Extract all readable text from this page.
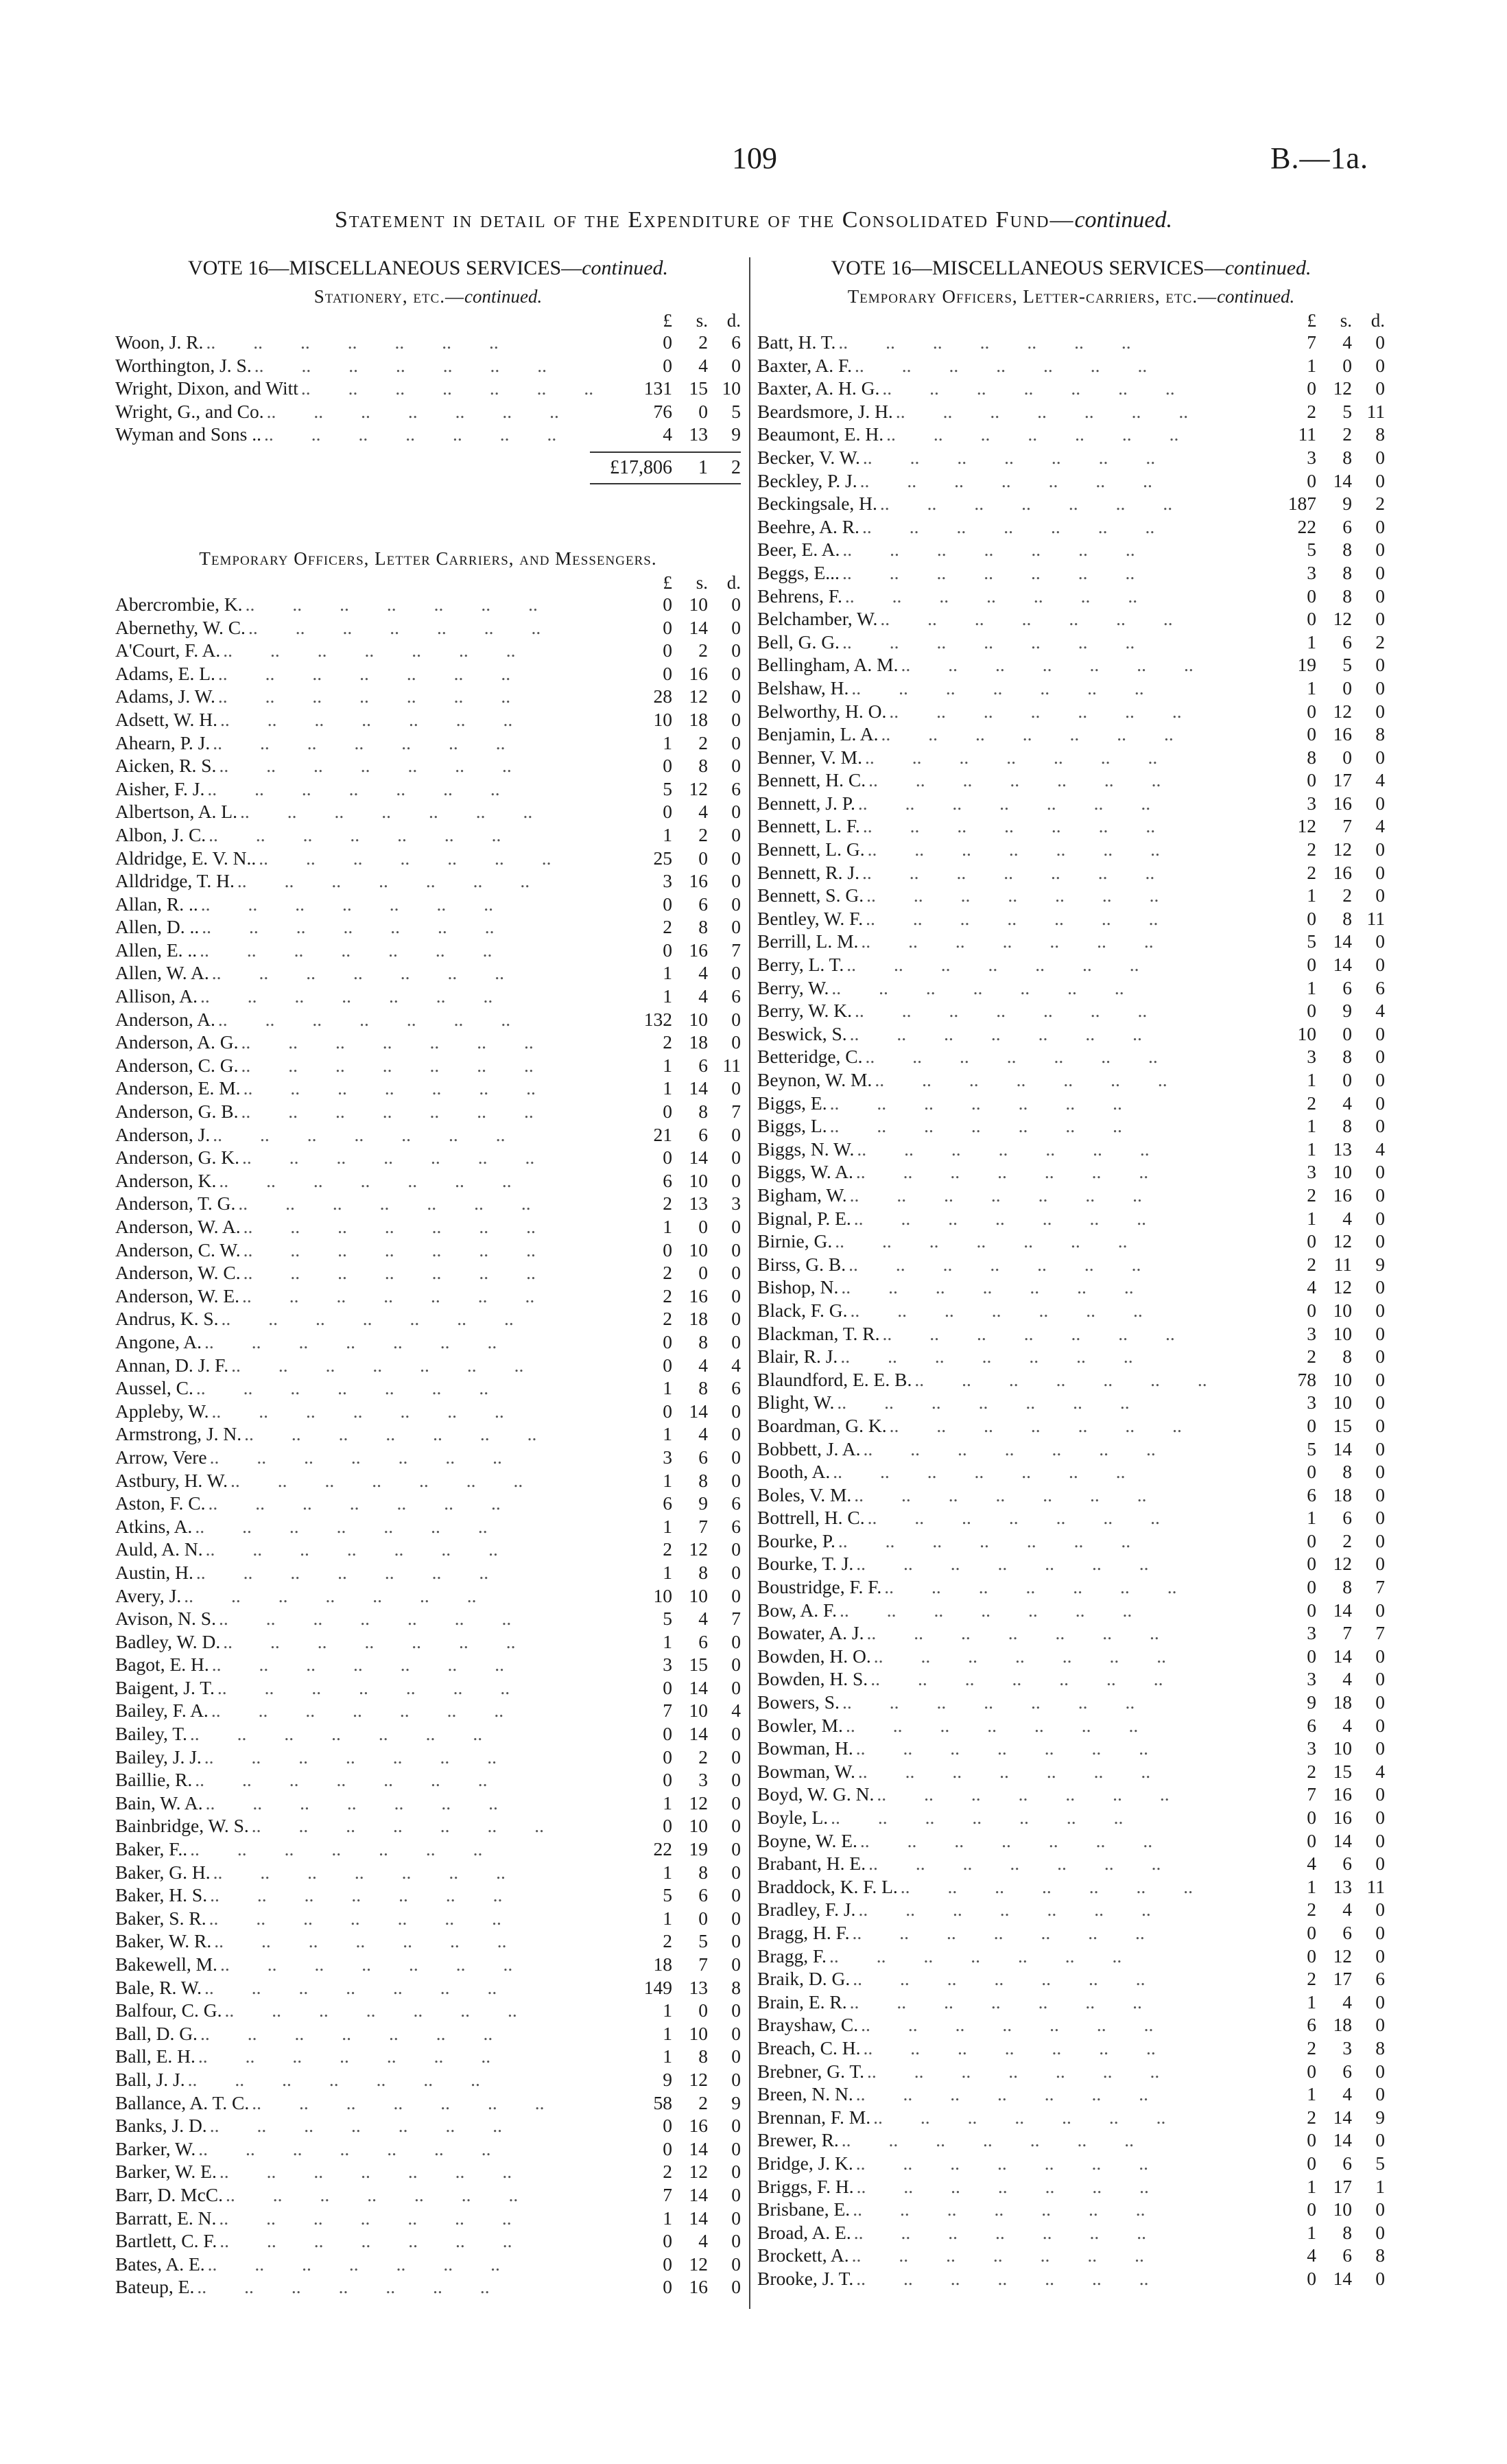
109	B.—1a.
Statement in detail of the Expenditure of the Consolidated Fund—continued.
VOTE 16—MISCELLANEOUS SERVICES—continued.
Stationery, etc.—continued.
£	s.	d.
Woon, J. R. ..	0	2	6
Worthington, J. S. ..	0	4	0
Wright, Dixon, and Witt ..	131 15 10
Wright, G., and Co. ..	76	0	5
Wyman and Sons .. ..	4 13	9
£17,806	1	2
Temporary Officers, Letter Carriers, and Messengers.
£	s.	d.
Abercrombie, K. ..	0 10	0
Abernethy, W. C. ..	0 14	0
A'Court, F. A. ..	0	2	0
Adams, E. L. ..	0 16	0
Adams, J. W. ..	28 12	0
Adsett, W. H. ..	10 18	0
Ahearn, P. J. ..	1	2	0
Aicken, R. S. ..	0	8	0
Aisher, F. J. ..	5 12	6
Albertson, A. L. ..	0	4	0
Albon, J. C. ..	1	2	0
Aldridge, E. V. N.. ..	25	0	0
Alldridge, T. H. ..	3 16	0
Allan, R. .. ..	0	6	0
Allen, D. .. ..	2	8	0
Allen, E. .. ..	0 16	7
Allen, W. A. ..	1	4	0
Allison, A. ..	1	4	6
Anderson, A. ..	132 10	0
Anderson, A. G. ..	2 18	0
Anderson, C. G. ..	1	6 11
Anderson, E. M. ..	1 14	0
Anderson, G. B. ..	0	8	7
Anderson, J. ..	21	6	0
Anderson, G. K. ..	0 14	0
Anderson, K. ..	6 10	0
Anderson, T. G. ..	2 13	3
Anderson, W. A. ..	1	0	0
Anderson, C. W. ..	0 10	0
Anderson, W. C. ..	2	0	0
Anderson, W. E. ..	2 16	0
Andrus, K. S. ..	2 18	0
Angone, A. ..	0	8	0
Annan, D. J. F. ..	0	4	4
Aussel, C. ..	1	8	6
Appleby, W. ..	0 14	0
Armstrong, J. N. ..	1	4	0
Arrow, Vere ..	3	6	0
Astbury, H. W. ..	1	8	0
Aston, F. C. ..	6	9	6
Atkins, A. ..	1	7	6
Auld, A. N. ..	2 12	0
Austin, H. ..	1	8	0
Avery, J. ..	10 10	0
Avison, N. S. ..	5	4	7
Badley, W. D. ..	1	6	0
Bagot, E. H. ..	3 15	0
Baigent, J. T. ..	0 14	0
Bailey, F. A. ..	7 10	4
Bailey, T. ..	0 14	0
Bailey, J. J. ..	0	2	0
Baillie, R. ..	0	3	0
Bain, W. A. ..	1 12	0
Bainbridge, W. S. ..	0 10	0
Baker, F.. ..	22 19	0
Baker, G. H. ..	1	8	0
Baker, H. S. ..	5	6	0
Baker, S. R. ..	1	0	0
Baker, W. R. ..	2	5	0
Bakewell, M. ..	18	7	0
Bale, R. W. ..	149 13	8
Balfour, C. G. ..	1	0	0
Ball, D. G. ..	1 10	0
Ball, E. H. ..	1	8	0
Ball, J. J. ..	9 12	0
Ballance, A. T. C. ..	58	2	9
Banks, J. D. ..	0 16	0
Barker, W. ..	0 14	0
Barker, W. E. ..	2 12	0
Barr, D. McC. ..	7 14	0
Barratt, E. N. ..	1 14	0
Bartlett, C. F. ..	0	4	0
Bates, A. E. ..	0 12	0
Bateup, E. ..	0 16	0
VOTE 16—MISCELLANEOUS SERVICES—continued.
Temporary Officers, Letter-carriers, etc.—continued.
£	s.	d.
Batt, H. T. ..	7	4	0
Baxter, A. F. ..	1	0	0
Baxter, A. H. G. ..	0 12	0
Beardsmore, J. H. ..	2	5 11
Beaumont, E. H. ..	11	2	8
Becker, V. W. ..	3	8	0
Beckley, P. J. ..	0 14	0
Beckingsale, H. ..	187	9	2
Beehre, A. R. ..	22	6	0
Beer, E. A. ..	5	8	0
Beggs, E... ..	3	8	0
Behrens, F. ..	0	8	0
Belchamber, W. ..	0 12	0
Bell, G. G. ..	1	6	2
Bellingham, A. M. ..	19	5	0
Belshaw, H. ..	1	0	0
Belworthy, H. O. ..	0 12	0
Benjamin, L. A. ..	0 16	8
Benner, V. M. ..	8	0	0
Bennett, H. C. ..	0 17	4
Bennett, J. P. ..	3 16	0
Bennett, L. F. ..	12	7	4
Bennett, L. G. ..	2 12	0
Bennett, R. J. ..	2 16	0
Bennett, S. G. ..	1	2	0
Bentley, W. F. ..	0	8 11
Berrill, L. M. ..	5 14	0
Berry, L. T. ..	0 14	0
Berry, W. ..	1	6	6
Berry, W. K. ..	0	9	4
Beswick, S. ..	10	0	0
Betteridge, C. ..	3	8	0
Beynon, W. M. ..	1	0	0
Biggs, E. ..	2	4	0
Biggs, L. ..	1	8	0
Biggs, N. W. ..	1 13	4
Biggs, W. A. ..	3 10	0
Bigham, W. ..	2 16	0
Bignal, P. E. ..	1	4	0
Birnie, G. ..	0 12	0
Birss, G. B. ..	2 11	9
Bishop, N. ..	4 12	0
Black, F. G. ..	0 10	0
Blackman, T. R. ..	3 10	0
Blair, R. J. ..	2	8	0
Blaundford, E. E. B. ..	78 10	0
Blight, W. ..	3 10	0
Boardman, G. K. ..	0 15	0
Bobbett, J. A. ..	5 14	0
Booth, A. ..	0	8	0
Boles, V. M. ..	6 18	0
Bottrell, H. C. ..	1	6	0
Bourke, P. ..	0	2	0
Bourke, T. J. ..	0 12	0
Boustridge, F. F. ..	0	8	7
Bow, A. F. ..	0 14	0
Bowater, A. J. ..	3	7	7
Bowden, H. O. ..	0 14	0
Bowden, H. S. ..	3	4	0
Bowers, S. ..	9 18	0
Bowler, M. ..	6	4	0
Bowman, H. ..	3 10	0
Bowman, W. ..	2 15	4
Boyd, W. G. N. ..	7 16	0
Boyle, L. ..	0 16	0
Boyne, W. E. ..	0 14	0
Brabant, H. E. ..	4	6	0
Braddock, K. F. L. ..	1 13 11
Bradley, F. J. ..	2	4	0
Bragg, H. F. ..	0	6	0
Bragg, F. ..	0 12	0
Braik, D. G. ..	2 17	6
Brain, E. R. ..	1	4	0
Brayshaw, C. ..	6 18	0
Breach, C. H. ..	2	3	8
Brebner, G. T. ..	0	6	0
Breen, N. N. ..	1	4	0
Brennan, F. M. ..	2 14	9
Brewer, R. ..	0 14	0
Bridge, J. K. ..	0	6	5
Briggs, F. H. ..	1 17	1
Brisbane, E. ..	0 10	0
Broad, A. E. ..	1	8	0
Brockett, A. ..	4	6	8
Brooke, J. T. ..	0 14	0
